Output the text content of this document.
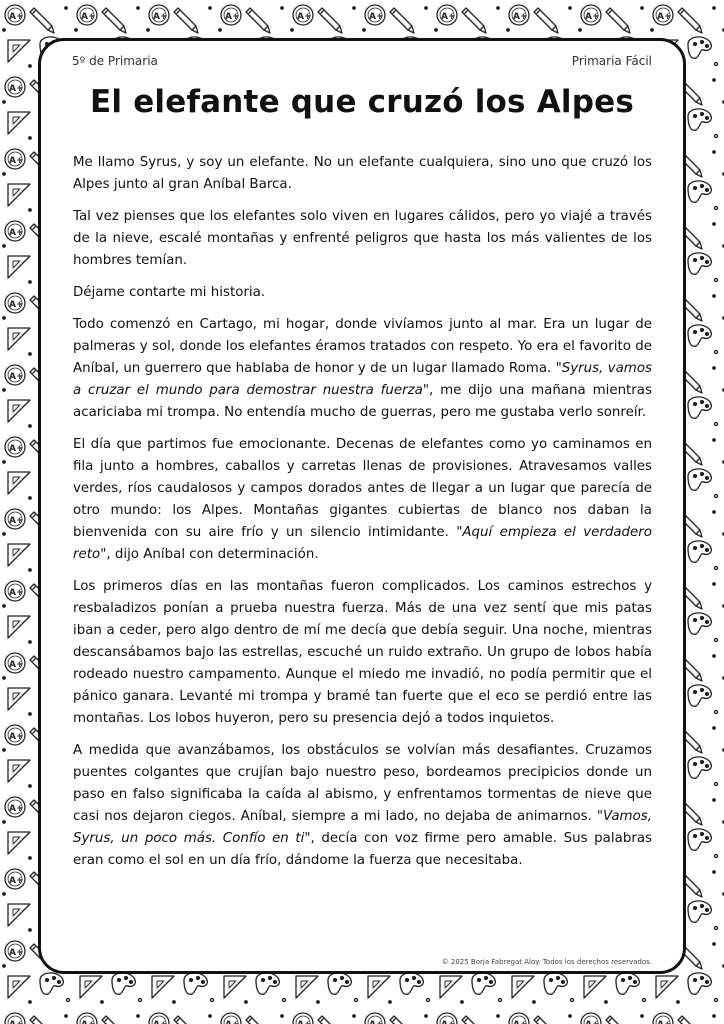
5º de Primaria	Primaria Fácil
El elefante que cruzó los Alpes

Me llamo Syrus, y soy un elefante. No un elefante cualquiera, sino uno que cruzó los Alpes junto al gran Aníbal Barca.

Tal vez pienses que los elefantes solo viven en lugares cálidos, pero yo viajé a través de la nieve, escalé montañas y enfrenté peligros que hasta los más valientes de los hombres temían.

Déjame contarte mi historia.

Todo comenzó en Cartago, mi hogar, donde vivíamos junto al mar. Era un lugar de palmeras y sol, donde los elefantes éramos tratados con respeto. Yo era el favorito de Aníbal, un guerrero que hablaba de honor y de un lugar llamado Roma. "Syrus, vamos a cruzar el mundo para demostrar nuestra fuerza", me dijo una mañana mientras acariciaba mi trompa. No entendía mucho de guerras, pero me gustaba verlo sonreír.

El día que partimos fue emocionante. Decenas de elefantes como yo caminamos en fila junto a hombres, caballos y carretas llenas de provisiones. Atravesamos valles verdes, ríos caudalosos y campos dorados antes de llegar a un lugar que parecía de otro mundo: los Alpes. Montañas gigantes cubiertas de blanco nos daban la bienvenida con su aire frío y un silencio intimidante. "Aquí empieza el verdadero reto", dijo Aníbal con determinación.

Los primeros días en las montañas fueron complicados. Los caminos estrechos y resbaladizos ponían a prueba nuestra fuerza. Más de una vez sentí que mis patas iban a ceder, pero algo dentro de mí me decía que debía seguir. Una noche, mientras descansábamos bajo las estrellas, escuché un ruido extraño. Un grupo de lobos había rodeado nuestro campamento. Aunque el miedo me invadió, no podía permitir que el pánico ganara. Levanté mi trompa y bramé tan fuerte que el eco se perdió entre las montañas. Los lobos huyeron, pero su presencia dejó a todos inquietos.

A medida que avanzábamos, los obstáculos se volvían más desafiantes. Cruzamos puentes colgantes que crujían bajo nuestro peso, bordeamos precipicios donde un paso en falso significaba la caída al abismo, y enfrentamos tormentas de nieve que casi nos dejaron ciegos. Aníbal, siempre a mi lado, no dejaba de animarnos. "Vamos, Syrus, un poco más. Confío en ti", decía con voz firme pero amable. Sus palabras eran como el sol en un día frío, dándome la fuerza que necesitaba.

© 2025 Borja Fabregat Aloy. Todos los derechos reservados.
